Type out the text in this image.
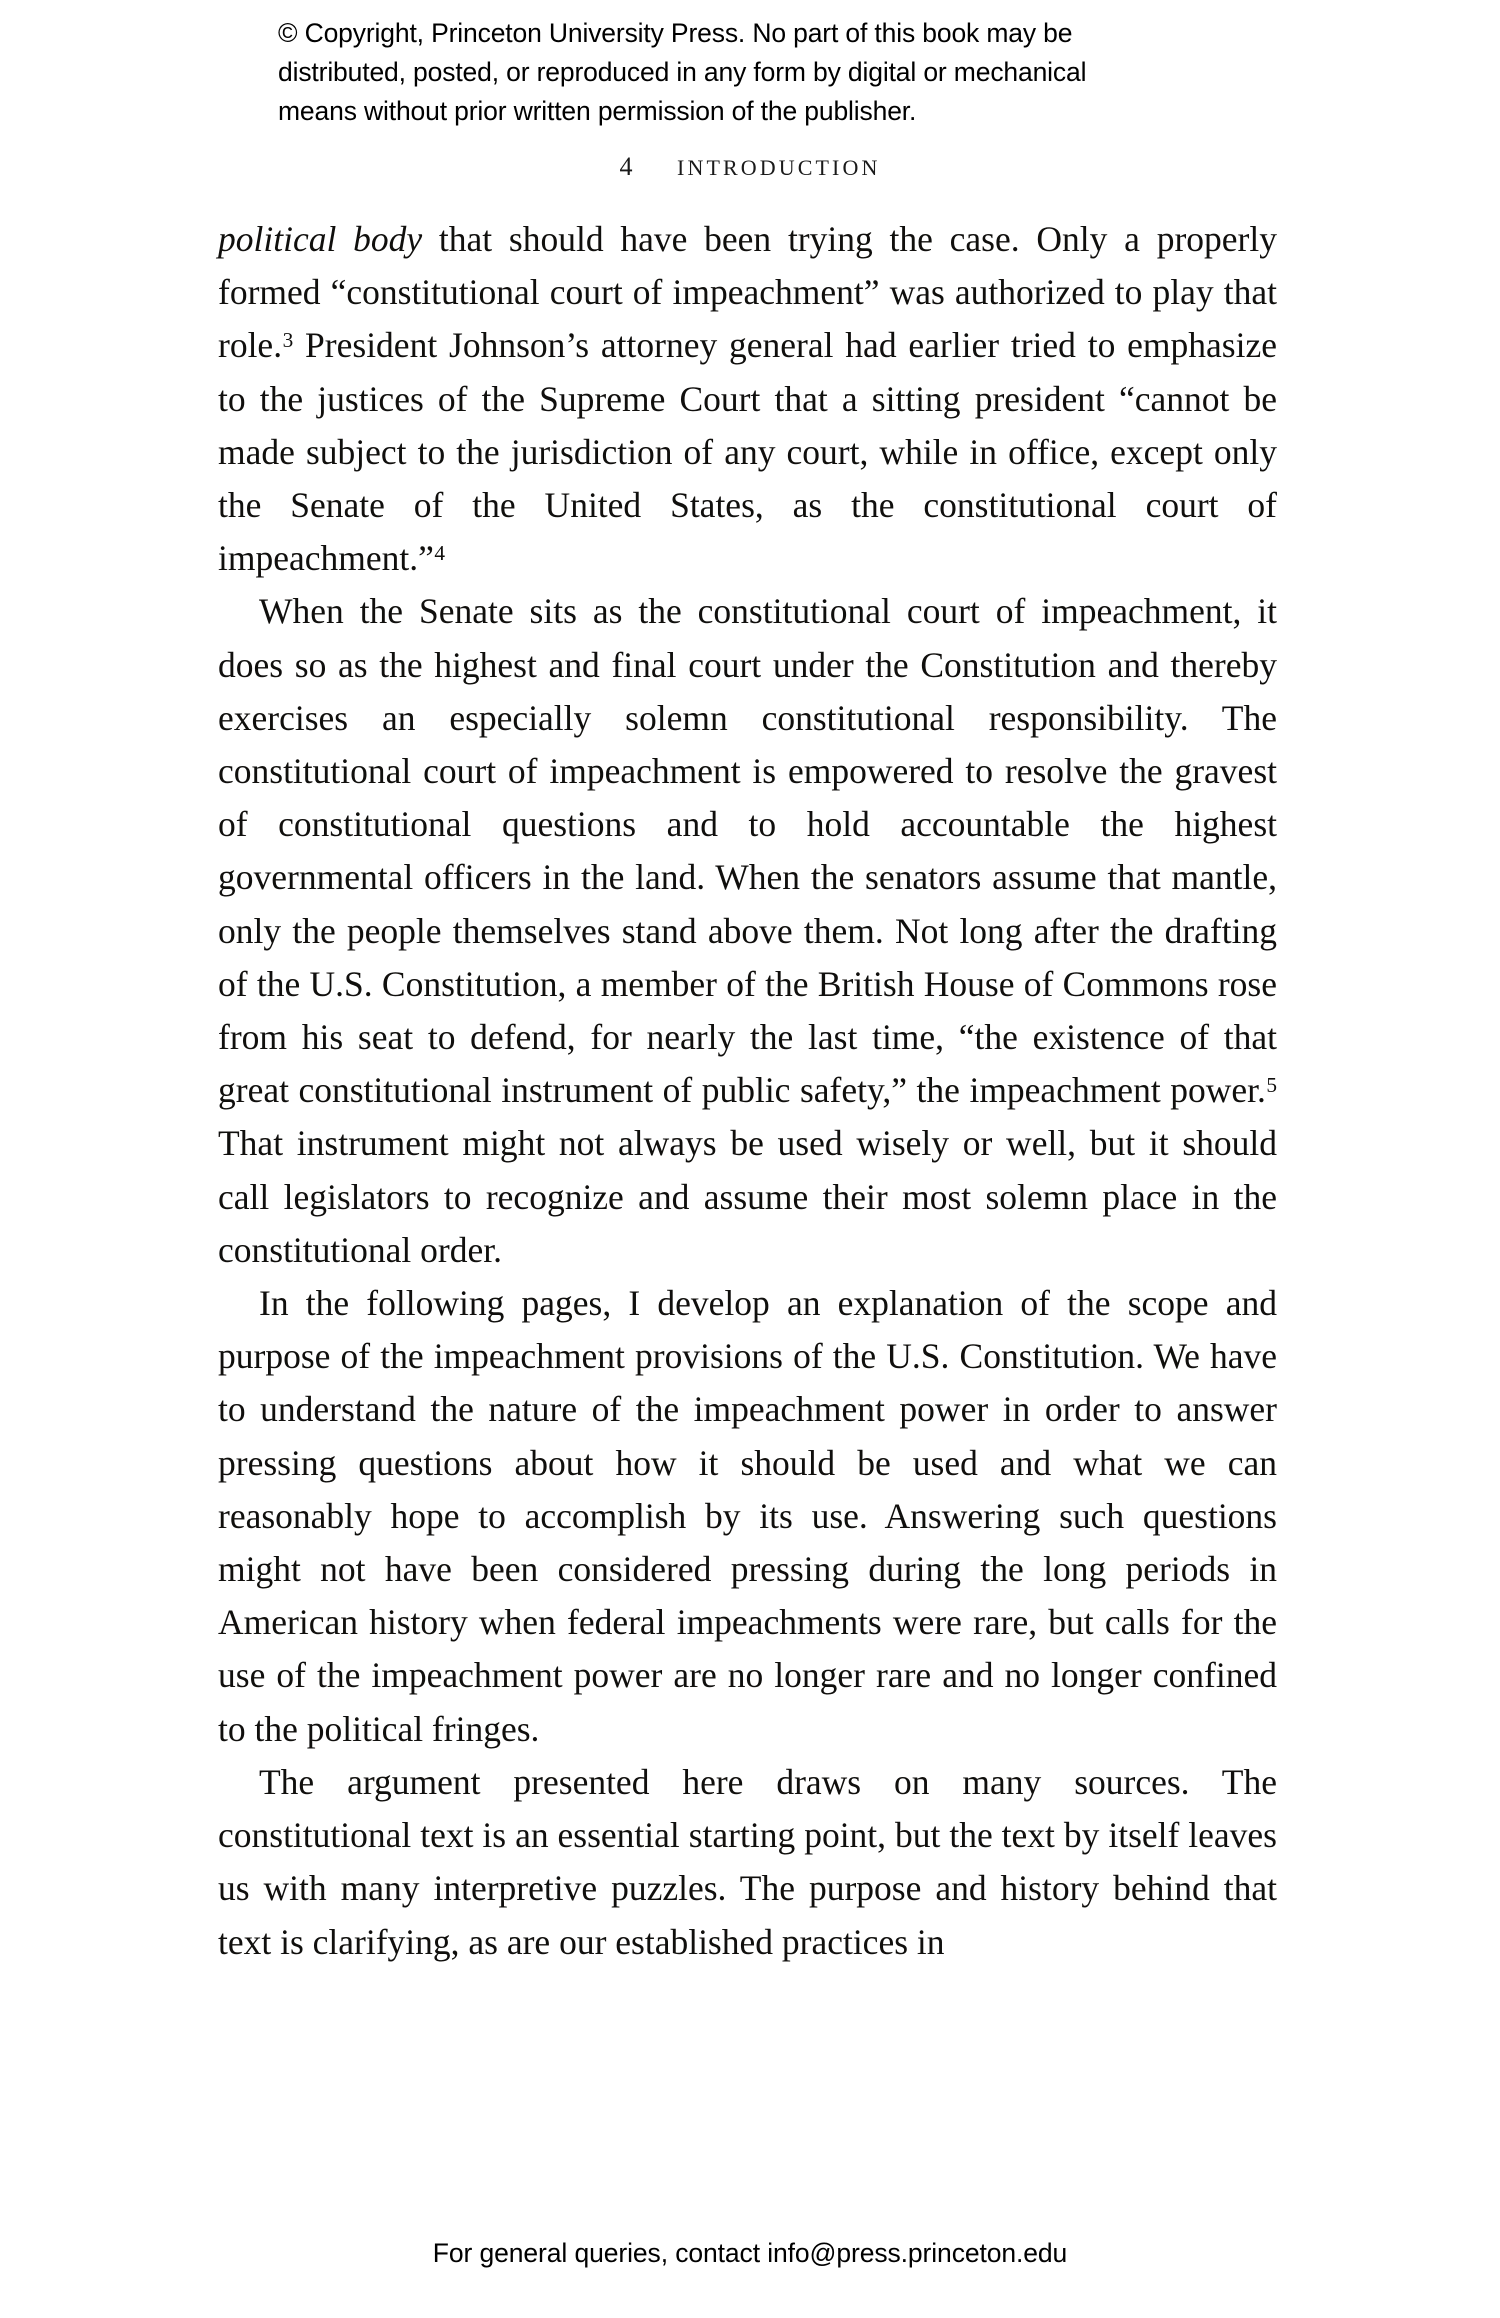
© Copyright, Princeton University Press. No part of this book may be
distributed, posted, or reproduced in any form by digital or mechanical
means without prior written permission of the publisher.
4 INTRODUCTION

political body that should have been trying the case. Only a properly formed “constitutional court of impeachment” was authorized to play that role.$^3$ President Johnson’s attorney general had earlier tried to emphasize to the justices of the Supreme Court that a sitting president “cannot be made subject to the jurisdiction of any court, while in office, except only the Senate of the United States, as the constitutional court of impeachment.”$^4$

When the Senate sits as the constitutional court of impeachment, it does so as the highest and final court under the Constitution and thereby exercises an especially solemn constitutional responsibility. The constitutional court of impeachment is empowered to resolve the gravest of constitutional questions and to hold accountable the highest governmental officers in the land. When the senators assume that mantle, only the people themselves stand above them. Not long after the drafting of the U.S. Constitution, a member of the British House of Commons rose from his seat to defend, for nearly the last time, “the existence of that great constitutional instrument of public safety,” the impeachment power.$^5$ That instrument might not always be used wisely or well, but it should call legislators to recognize and assume their most solemn place in the constitutional order.

In the following pages, I develop an explanation of the scope and purpose of the impeachment provisions of the U.S. Constitution. We have to understand the nature of the impeachment power in order to answer pressing questions about how it should be used and what we can reasonably hope to accomplish by its use. Answering such questions might not have been considered pressing during the long periods in American history when federal impeachments were rare, but calls for the use of the impeachment power are no longer rare and no longer confined to the political fringes.

The argument presented here draws on many sources. The constitutional text is an essential starting point, but the text by itself leaves us with many interpretive puzzles. The purpose and history behind that text is clarifying, as are our established practices in

For general queries, contact info@press.princeton.edu
